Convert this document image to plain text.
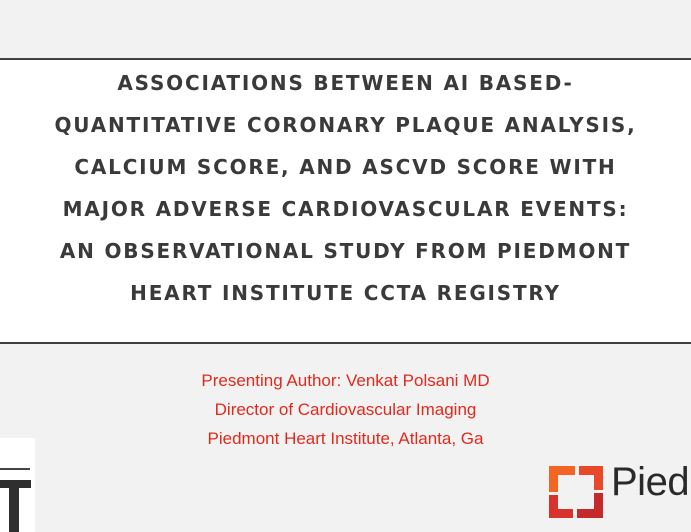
ASSOCIATIONS BETWEEN AI BASED-
QUANTITATIVE CORONARY PLAQUE ANALYSIS,
CALCIUM SCORE, AND ASCVD SCORE WITH
MAJOR ADVERSE CARDIOVASCULAR EVENTS:
AN OBSERVATIONAL STUDY FROM PIEDMONT
HEART INSTITUTE CCTA REGISTRY
Presenting Author: Venkat Polsani MD
Director of Cardiovascular Imaging
Piedmont Heart Institute, Atlanta, Ga
Pied
